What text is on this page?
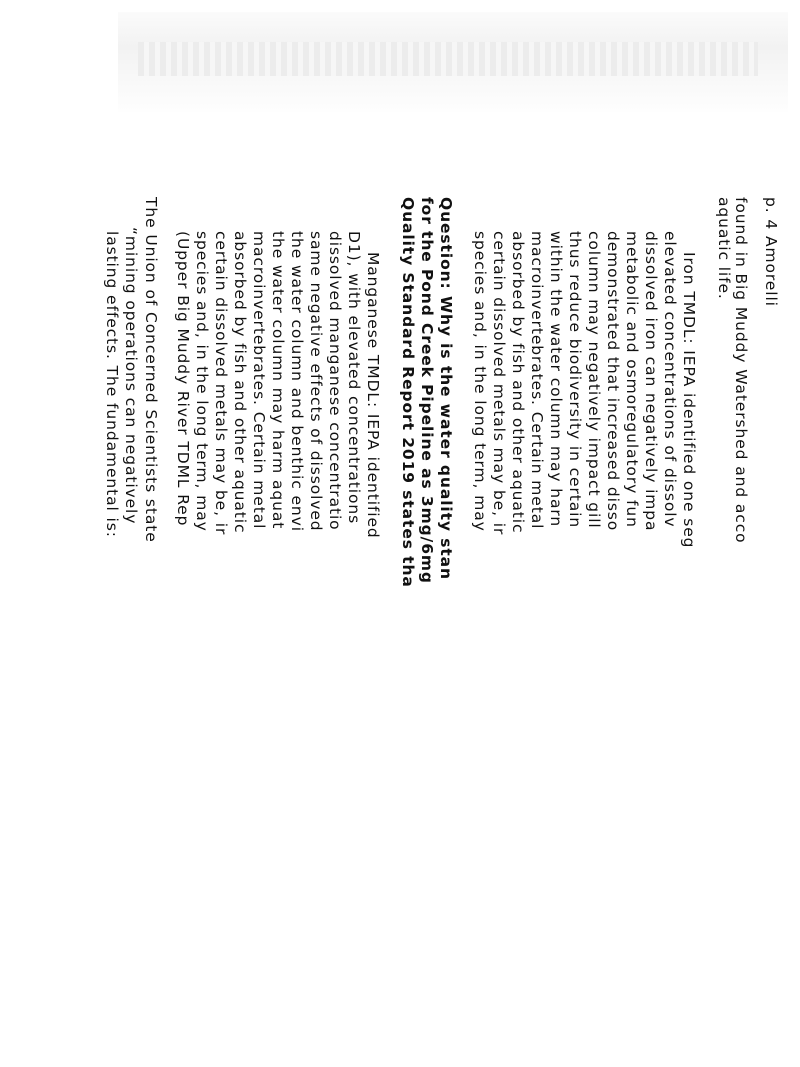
p. 4 Amorelli
found in Big Muddy Watershed and acco
aquatic life.
Iron TMDL: IEPA identified one seg
elevated concentrations of dissolv
dissolved iron can negatively impa
metabolic and osmoregulatory fun
demonstrated that increased disso
column may negatively impact gill
thus reduce biodiversity in certain
within the water column may harn
macroinvertebrates. Certain metal
absorbed by fish and other aquatic
certain dissolved metals may be, ir
species and, in the long term, may
Question: Why is the water quality stan
for the Pond Creek Pipeline as 3mg/6mg
Quality Standard Report 2019 states tha
Manganese TMDL: IEPA identified
D1), with elevated concentrations
dissolved manganese concentratio
same negative effects of dissolved
the water column and benthic envi
the water column may harm aquat
macroinvertebrates. Certain metal
absorbed by fish and other aquatic
certain dissolved metals may be, ir
species and, in the long term, may
(Upper Big Muddy River TDML Rep
The Union of Concerned Scientists state
“mining operations can negatively
lasting effects. The fundamental is:
